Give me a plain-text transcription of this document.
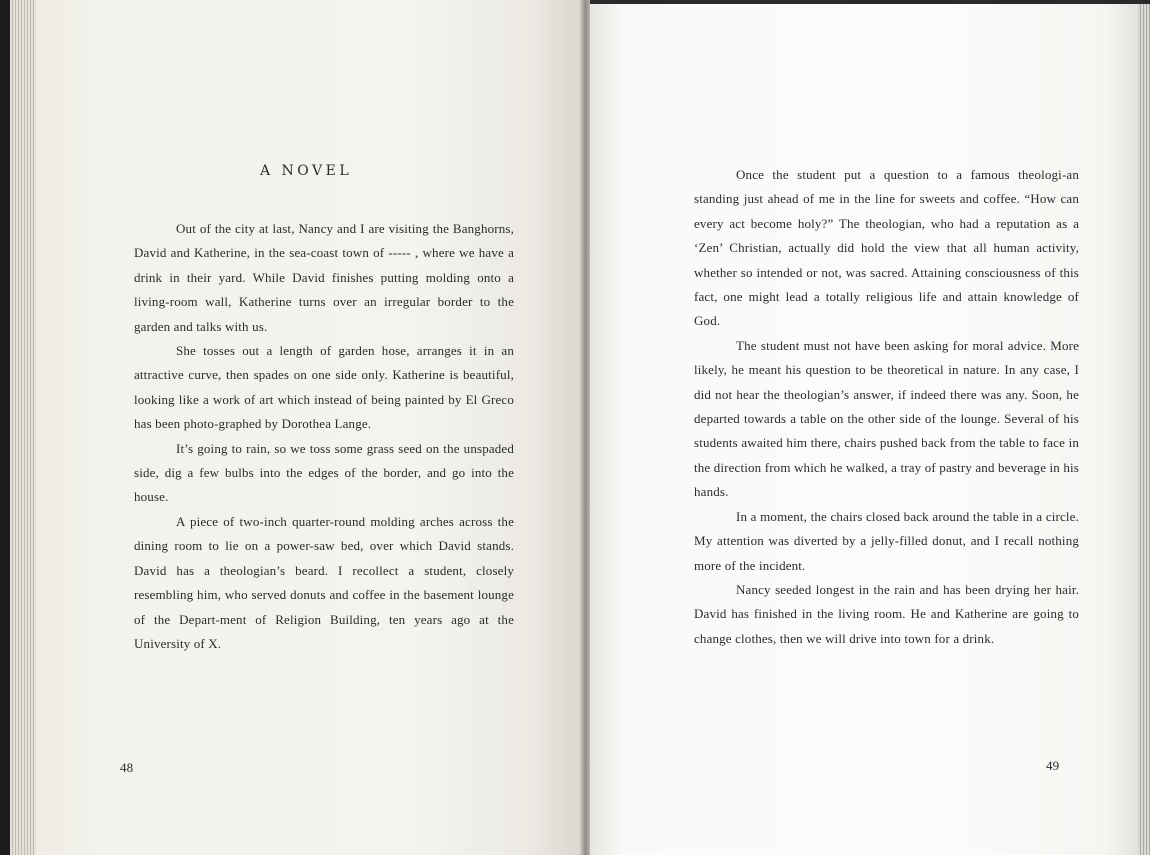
A NOVEL

Out of the city at last, Nancy and I are visiting the Banghorns, David and Katherine, in the sea-coast town of ----- , where we have a drink in their yard. While David finishes putting molding onto a living-room wall, Katherine turns over an irregular border to the garden and talks with us.

She tosses out a length of garden hose, arranges it in an attractive curve, then spades on one side only. Katherine is beautiful, looking like a work of art which instead of being painted by El Greco has been photo-graphed by Dorothea Lange.

It’s going to rain, so we toss some grass seed on the unspaded side, dig a few bulbs into the edges of the border, and go into the house.

A piece of two-inch quarter-round molding arches across the dining room to lie on a power-saw bed, over which David stands. David has a theologian’s beard. I recollect a student, closely resembling him, who served donuts and coffee in the basement lounge of the Depart-ment of Religion Building, ten years ago at the University of X.

Once the student put a question to a famous theologi-an standing just ahead of me in the line for sweets and coffee. “How can every act become holy?” The theologian, who had a reputation as a ‘Zen’ Christian, actually did hold the view that all human activity, whether so intended or not, was sacred. Attaining consciousness of this fact, one might lead a totally religious life and attain knowledge of God.

The student must not have been asking for moral advice. More likely, he meant his question to be theoretical in nature. In any case, I did not hear the theologian’s answer, if indeed there was any. Soon, he departed towards a table on the other side of the lounge. Several of his students awaited him there, chairs pushed back from the table to face in the direction from which he walked, a tray of pastry and beverage in his hands.

In a moment, the chairs closed back around the table in a circle. My attention was diverted by a jelly-filled donut, and I recall nothing more of the incident.

Nancy seeded longest in the rain and has been drying her hair. David has finished in the living room. He and Katherine are going to change clothes, then we will drive into town for a drink.

48	49
